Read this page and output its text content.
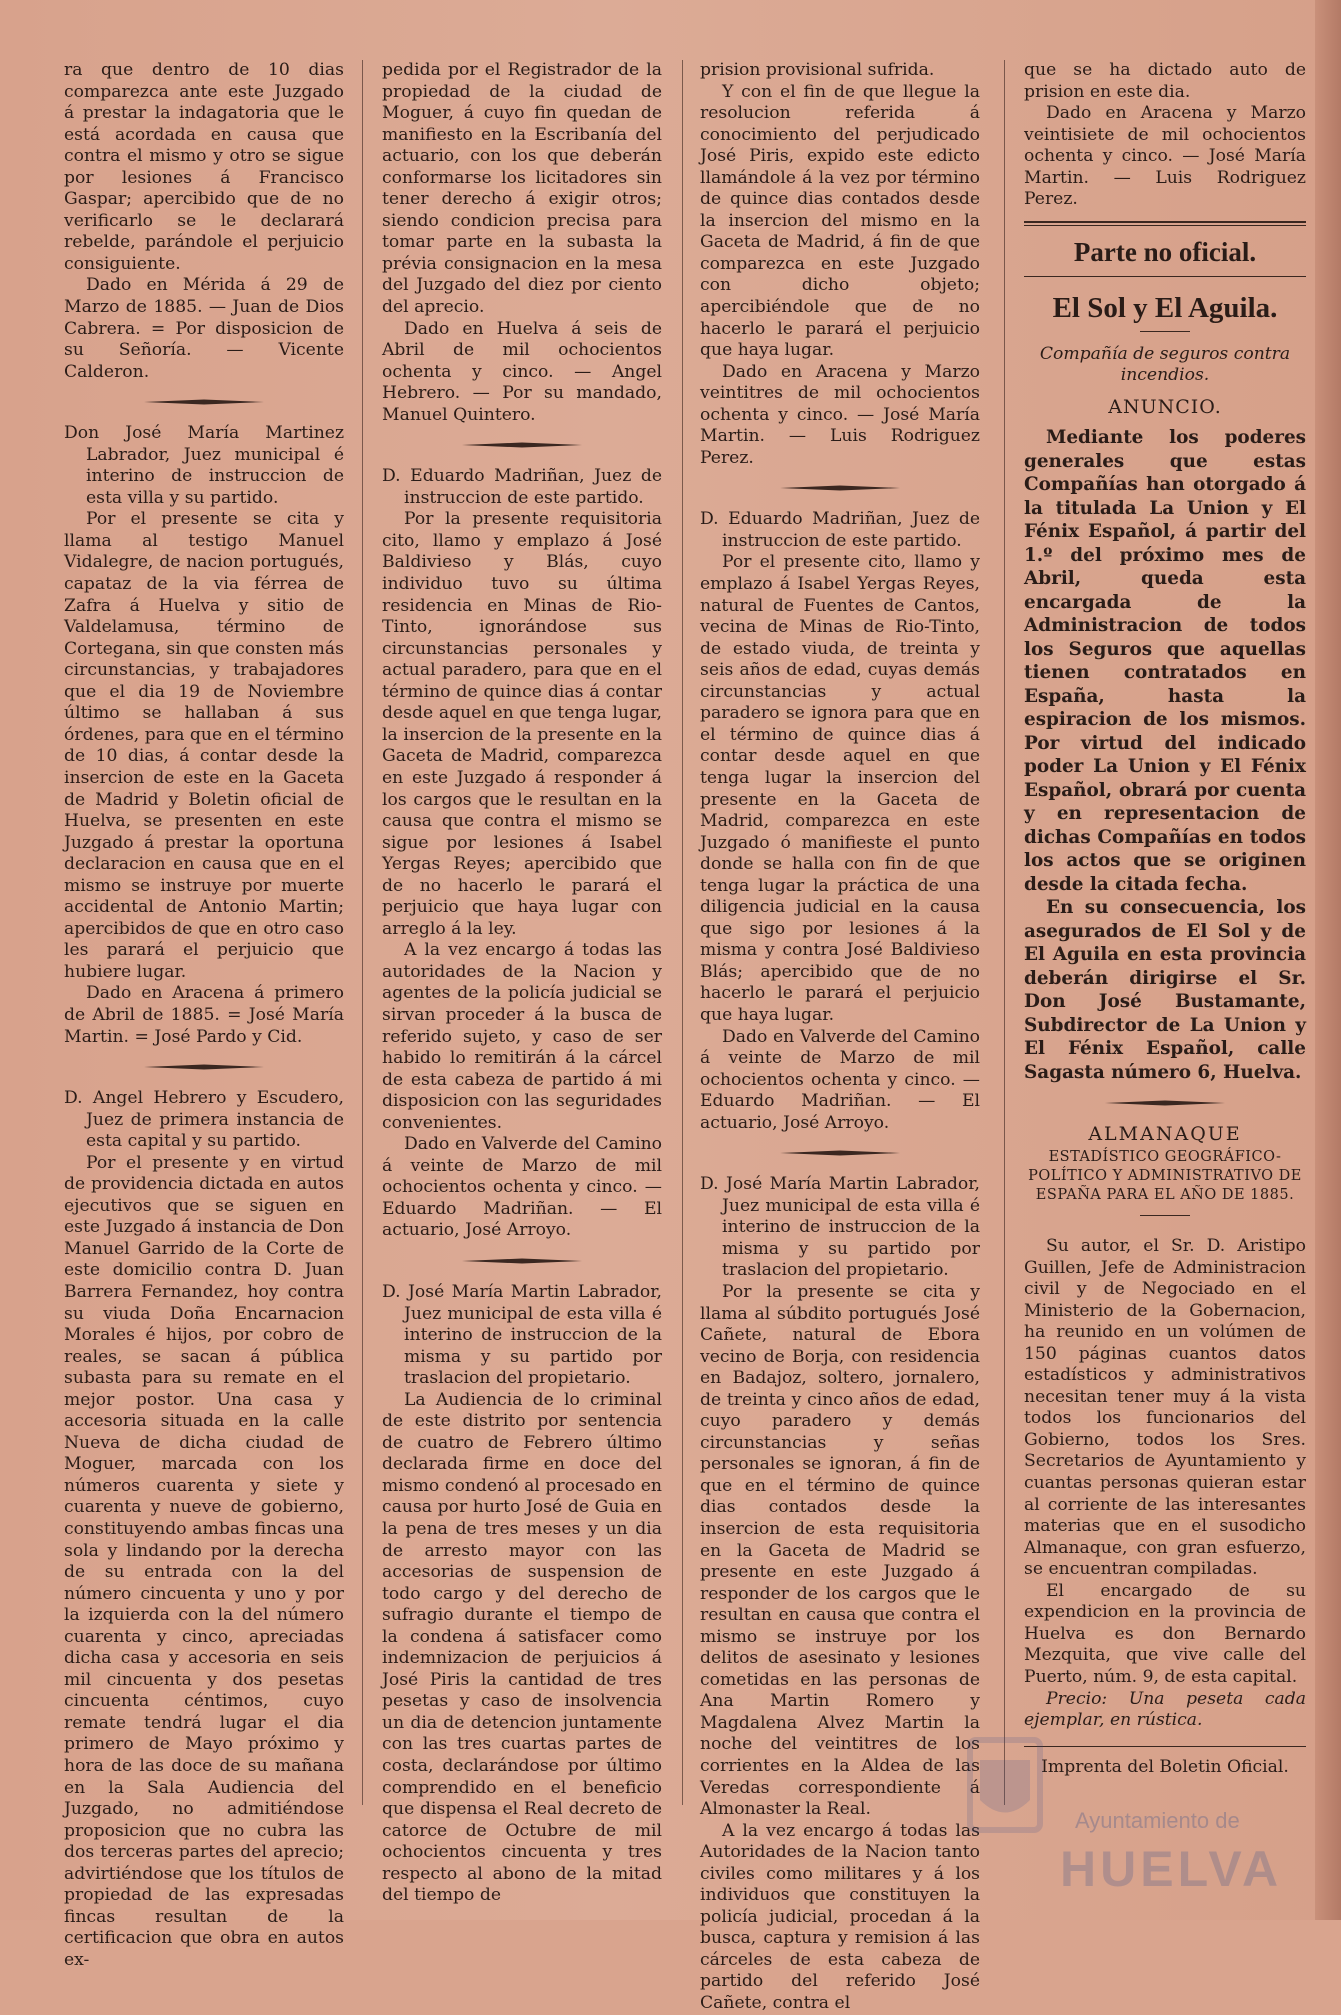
ra que dentro de 10 dias comparezca ante este Juzgado á prestar la indagatoria que le está acordada en causa que contra el mismo y otro se sigue por lesiones á Francisco Gaspar; apercibido que de no verificarlo se le declarará rebelde, parándole el perjuicio consiguiente.

Dado en Mérida á 29 de Marzo de 1885. — Juan de Dios Cabrera. = Por disposicion de su Señoría. — Vicente Calderon.

Don José María Martinez Labrador, Juez municipal é interino de instruccion de esta villa y su partido.

Por el presente se cita y llama al testigo Manuel Vidalegre, de nacion portugués, capataz de la via férrea de Zafra á Huelva y sitio de Valdelamusa, término de Cortegana, sin que consten más circunstancias, y trabajadores que el dia 19 de Noviembre último se hallaban á sus órdenes, para que en el término de 10 dias, á contar desde la insercion de este en la Gaceta de Madrid y Boletin oficial de Huelva, se presenten en este Juzgado á prestar la oportuna declaracion en causa que en el mismo se instruye por muerte accidental de Antonio Martin; apercibidos de que en otro caso les parará el perjuicio que hubiere lugar.

Dado en Aracena á primero de Abril de 1885. = José María Martin. = José Pardo y Cid.

D. Angel Hebrero y Escudero, Juez de primera instancia de esta capital y su partido.

Por el presente y en virtud de providencia dictada en autos ejecutivos que se siguen en este Juzgado á instancia de Don Manuel Garrido de la Corte de este domicilio contra D. Juan Barrera Fernandez, hoy contra su viuda Doña Encarnacion Morales é hijos, por cobro de reales, se sacan á pública subasta para su remate en el mejor postor. Una casa y accesoria situada en la calle Nueva de dicha ciudad de Moguer, marcada con los números cuarenta y siete y cuarenta y nueve de gobierno, constituyendo ambas fincas una sola y lindando por la derecha de su entrada con la del número cincuenta y uno y por la izquierda con la del número cuarenta y cinco, apreciadas dicha casa y accesoria en seis mil cincuenta y dos pesetas cincuenta céntimos, cuyo remate tendrá lugar el dia primero de Mayo próximo y hora de las doce de su mañana en la Sala Audiencia del Juzgado, no admitiéndose proposicion que no cubra las dos terceras partes del aprecio; advirtiéndose que los títulos de propiedad de las expresadas fincas resultan de la certificacion que obra en autos ex-

pedida por el Registrador de la propiedad de la ciudad de Moguer, á cuyo fin quedan de manifiesto en la Escribanía del actuario, con los que deberán conformarse los licitadores sin tener derecho á exigir otros; siendo condicion precisa para tomar parte en la subasta la prévia consignacion en la mesa del Juzgado del diez por ciento del aprecio.

Dado en Huelva á seis de Abril de mil ochocientos ochenta y cinco. — Angel Hebrero. — Por su mandado, Manuel Quintero.

D. Eduardo Madriñan, Juez de instruccion de este partido.

Por la presente requisitoria cito, llamo y emplazo á José Baldivieso y Blás, cuyo individuo tuvo su última residencia en Minas de Rio-Tinto, ignorándose sus circunstancias personales y actual paradero, para que en el término de quince dias á contar desde aquel en que tenga lugar, la insercion de la presente en la Gaceta de Madrid, comparezca en este Juzgado á responder á los cargos que le resultan en la causa que contra el mismo se sigue por lesiones á Isabel Yergas Reyes; apercibido que de no hacerlo le parará el perjuicio que haya lugar con arreglo á la ley.

A la vez encargo á todas las autoridades de la Nacion y agentes de la policía judicial se sirvan proceder á la busca de referido sujeto, y caso de ser habido lo remitirán á la cárcel de esta cabeza de partido á mi disposicion con las seguridades convenientes.

Dado en Valverde del Camino á veinte de Marzo de mil ochocientos ochenta y cinco. — Eduardo Madriñan. — El actuario, José Arroyo.

D. José María Martin Labrador, Juez municipal de esta villa é interino de instruccion de la misma y su partido por traslacion del propietario.

La Audiencia de lo criminal de este distrito por sentencia de cuatro de Febrero último declarada firme en doce del mismo condenó al procesado en causa por hurto José de Guia en la pena de tres meses y un dia de arresto mayor con las accesorias de suspension de todo cargo y del derecho de sufragio durante el tiempo de la condena á satisfacer como indemnizacion de perjuicios á José Piris la cantidad de tres pesetas y caso de insolvencia un dia de detencion juntamente con las tres cuartas partes de costa, declarándose por último comprendido en el beneficio que dispensa el Real decreto de catorce de Octubre de mil ochocientos cincuenta y tres respecto al abono de la mitad del tiempo de

prision provisional sufrida.

Y con el fin de que llegue la resolucion referida á conocimiento del perjudicado José Piris, expido este edicto llamándole á la vez por término de quince dias contados desde la insercion del mismo en la Gaceta de Madrid, á fin de que comparezca en este Juzgado con dicho objeto; apercibiéndole que de no hacerlo le parará el perjuicio que haya lugar.

Dado en Aracena y Marzo veintitres de mil ochocientos ochenta y cinco. — José María Martin. — Luis Rodriguez Perez.

D. Eduardo Madriñan, Juez de instruccion de este partido.

Por el presente cito, llamo y emplazo á Isabel Yergas Reyes, natural de Fuentes de Cantos, vecina de Minas de Rio-Tinto, de estado viuda, de treinta y seis años de edad, cuyas demás circunstancias y actual paradero se ignora para que en el término de quince dias á contar desde aquel en que tenga lugar la insercion del presente en la Gaceta de Madrid, comparezca en este Juzgado ó manifieste el punto donde se halla con fin de que tenga lugar la práctica de una diligencia judicial en la causa que sigo por lesiones á la misma y contra José Baldivieso Blás; apercibido que de no hacerlo le parará el perjuicio que haya lugar.

Dado en Valverde del Camino á veinte de Marzo de mil ochocientos ochenta y cinco. — Eduardo Madriñan. — El actuario, José Arroyo.

D. José María Martin Labrador, Juez municipal de esta villa é interino de instruccion de la misma y su partido por traslacion del propietario.

Por la presente se cita y llama al súbdito portugués José Cañete, natural de Ebora vecino de Borja, con residencia en Badajoz, soltero, jornalero, de treinta y cinco años de edad, cuyo paradero y demás circunstancias y señas personales se ignoran, á fin de que en el término de quince dias contados desde la insercion de esta requisitoria en la Gaceta de Madrid se presente en este Juzgado á responder de los cargos que le resultan en causa que contra el mismo se instruye por los delitos de asesinato y lesiones cometidas en las personas de Ana Martin Romero y Magdalena Alvez Martin la noche del veintitres de los corrientes en la Aldea de las Veredas correspondiente á Almonaster la Real.

A la vez encargo á todas las Autoridades de la Nacion tanto civiles como militares y á los individuos que constituyen la policía judicial, procedan á la busca, captura y remision á las cárceles de esta cabeza de partido del referido José Cañete, contra el

que se ha dictado auto de prision en este dia.

Dado en Aracena y Marzo veintisiete de mil ochocientos ochenta y cinco. — José María Martin. — Luis Rodriguez Perez.

Parte no oficial.
El Sol y El Aguila.

Compañía de seguros contra incendios.

ANUNCIO.

Mediante los poderes generales que estas Compañías han otorgado á la titulada La Union y El Fénix Español, á partir del 1.º del próximo mes de Abril, queda esta encargada de la Administracion de todos los Seguros que aquellas tienen contratados en España, hasta la espiracion de los mismos. Por virtud del indicado poder La Union y El Fénix Español, obrará por cuenta y en representacion de dichas Compañías en todos los actos que se originen desde la citada fecha.

En su consecuencia, los asegurados de El Sol y de El Aguila en esta provincia deberán dirigirse el Sr. Don José Bustamante, Subdirector de La Union y El Fénix Español, calle Sagasta número 6, Huelva.

ALMANAQUE

ESTADÍSTICO GEOGRÁFICO-POLÍTICO Y ADMINISTRATIVO DE ESPAÑA PARA EL AÑO DE 1885.

Su autor, el Sr. D. Aristipo Guillen, Jefe de Administracion civil y de Negociado en el Ministerio de la Gobernacion, ha reunido en un volúmen de 150 páginas cuantos datos estadísticos y administrativos necesitan tener muy á la vista todos los funcionarios del Gobierno, todos los Sres. Secretarios de Ayuntamiento y cuantas personas quieran estar al corriente de las interesantes materias que en el susodicho Almanaque, con gran esfuerzo, se encuentran compiladas.

El encargado de su expendicion en la provincia de Huelva es don Bernardo Mezquita, que vive calle del Puerto, núm. 9, de esta capital.

Precio: Una peseta cada ejemplar, en rústica.

Imprenta del Boletin Oficial.

Ayuntamiento de
HUELVA
